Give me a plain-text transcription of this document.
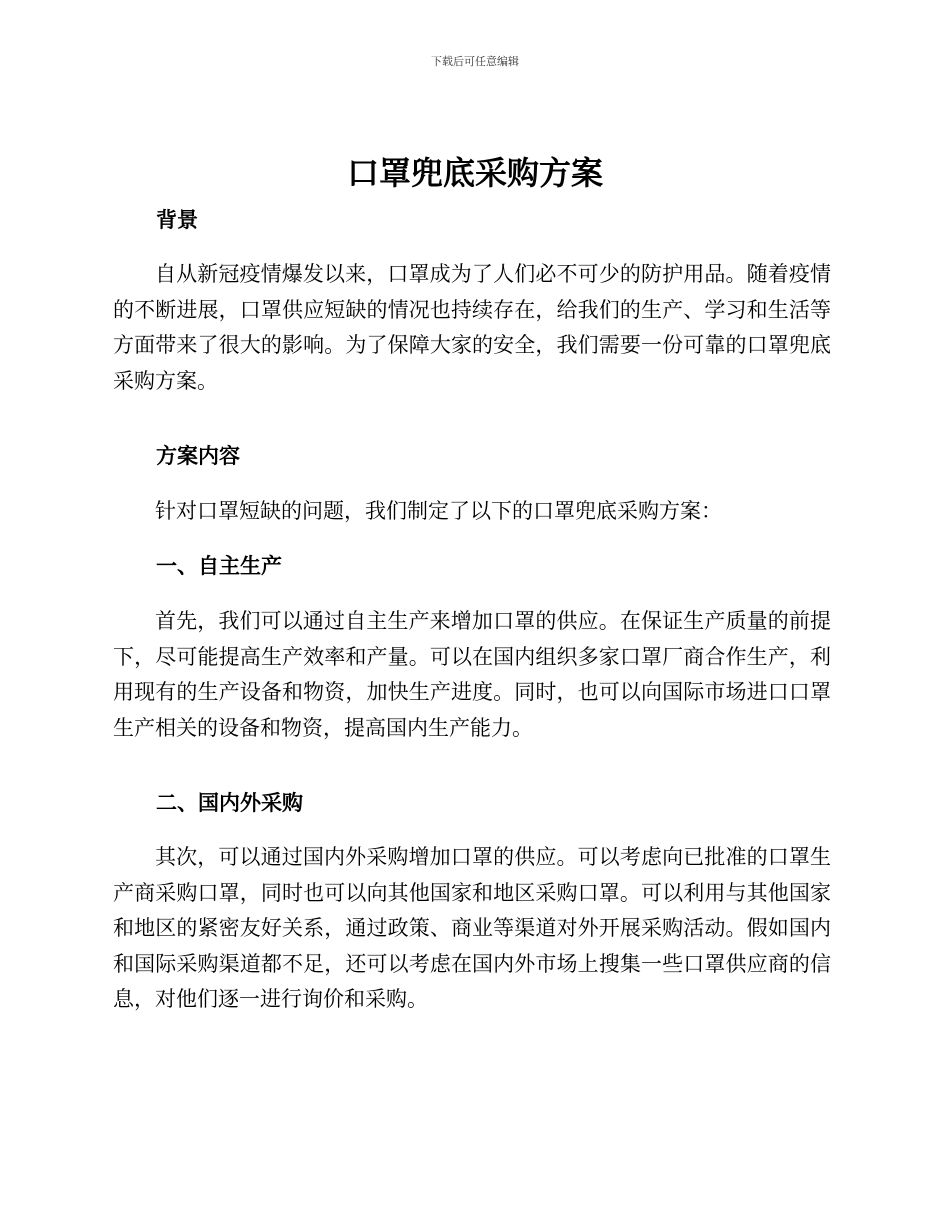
下载后可任意编辑
口罩兜底采购方案
背景

自从新冠疫情爆发以来，口罩成为了人们必不可少的防护用品。随着疫情的不断进展，口罩供应短缺的情况也持续存在，给我们的生产、学习和生活等方面带来了很大的影响。为了保障大家的安全，我们需要一份可靠的口罩兜底采购方案。

方案内容

针对口罩短缺的问题，我们制定了以下的口罩兜底采购方案：

一、自主生产

首先，我们可以通过自主生产来增加口罩的供应。在保证生产质量的前提下，尽可能提高生产效率和产量。可以在国内组织多家口罩厂商合作生产，利用现有的生产设备和物资，加快生产进度。同时，也可以向国际市场进口口罩生产相关的设备和物资，提高国内生产能力。

二、国内外采购

其次，可以通过国内外采购增加口罩的供应。可以考虑向已批准的口罩生产商采购口罩，同时也可以向其他国家和地区采购口罩。可以利用与其他国家和地区的紧密友好关系，通过政策、商业等渠道对外开展采购活动。假如国内和国际采购渠道都不足，还可以考虑在国内外市场上搜集一些口罩供应商的信息，对他们逐一进行询价和采购。
